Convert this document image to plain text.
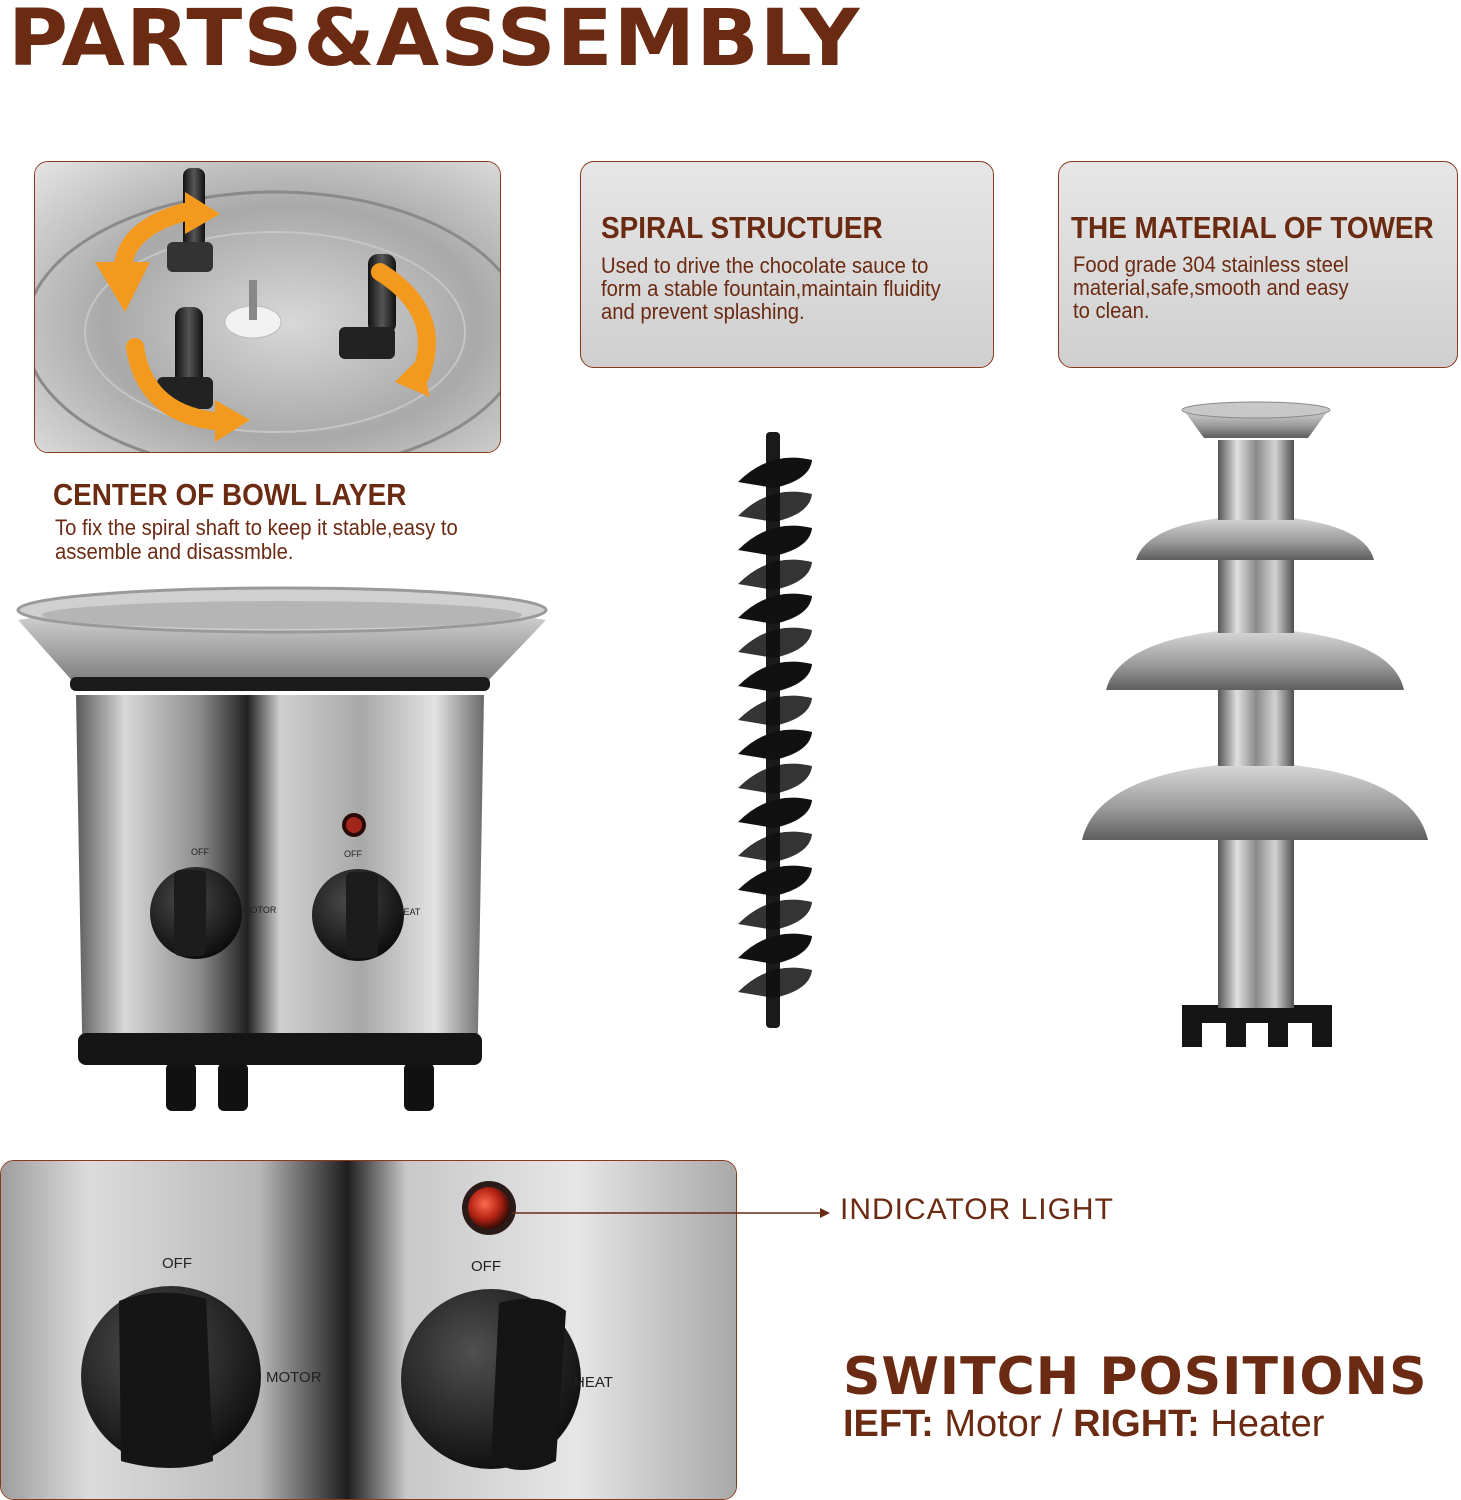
PARTS&ASSEMBLY
CENTER OF BOWL LAYER
To fix the spiral shaft to keep it stable,easy to
assemble and disassmble.
SPIRAL STRUCTUER
Used to drive the chocolate sauce to
form a stable fountain,maintain fluidity
and prevent splashing.
THE MATERIAL OF TOWER
Food grade 304 stainless steel
material,safe,smooth and easy
to clean.
OFF
MOTOR
OFF
HEAT
OFF
MOTOR
OFF
HEAT
INDICATOR LIGHT
SWITCH POSITIONS
IEFT: Motor / RIGHT: Heater
